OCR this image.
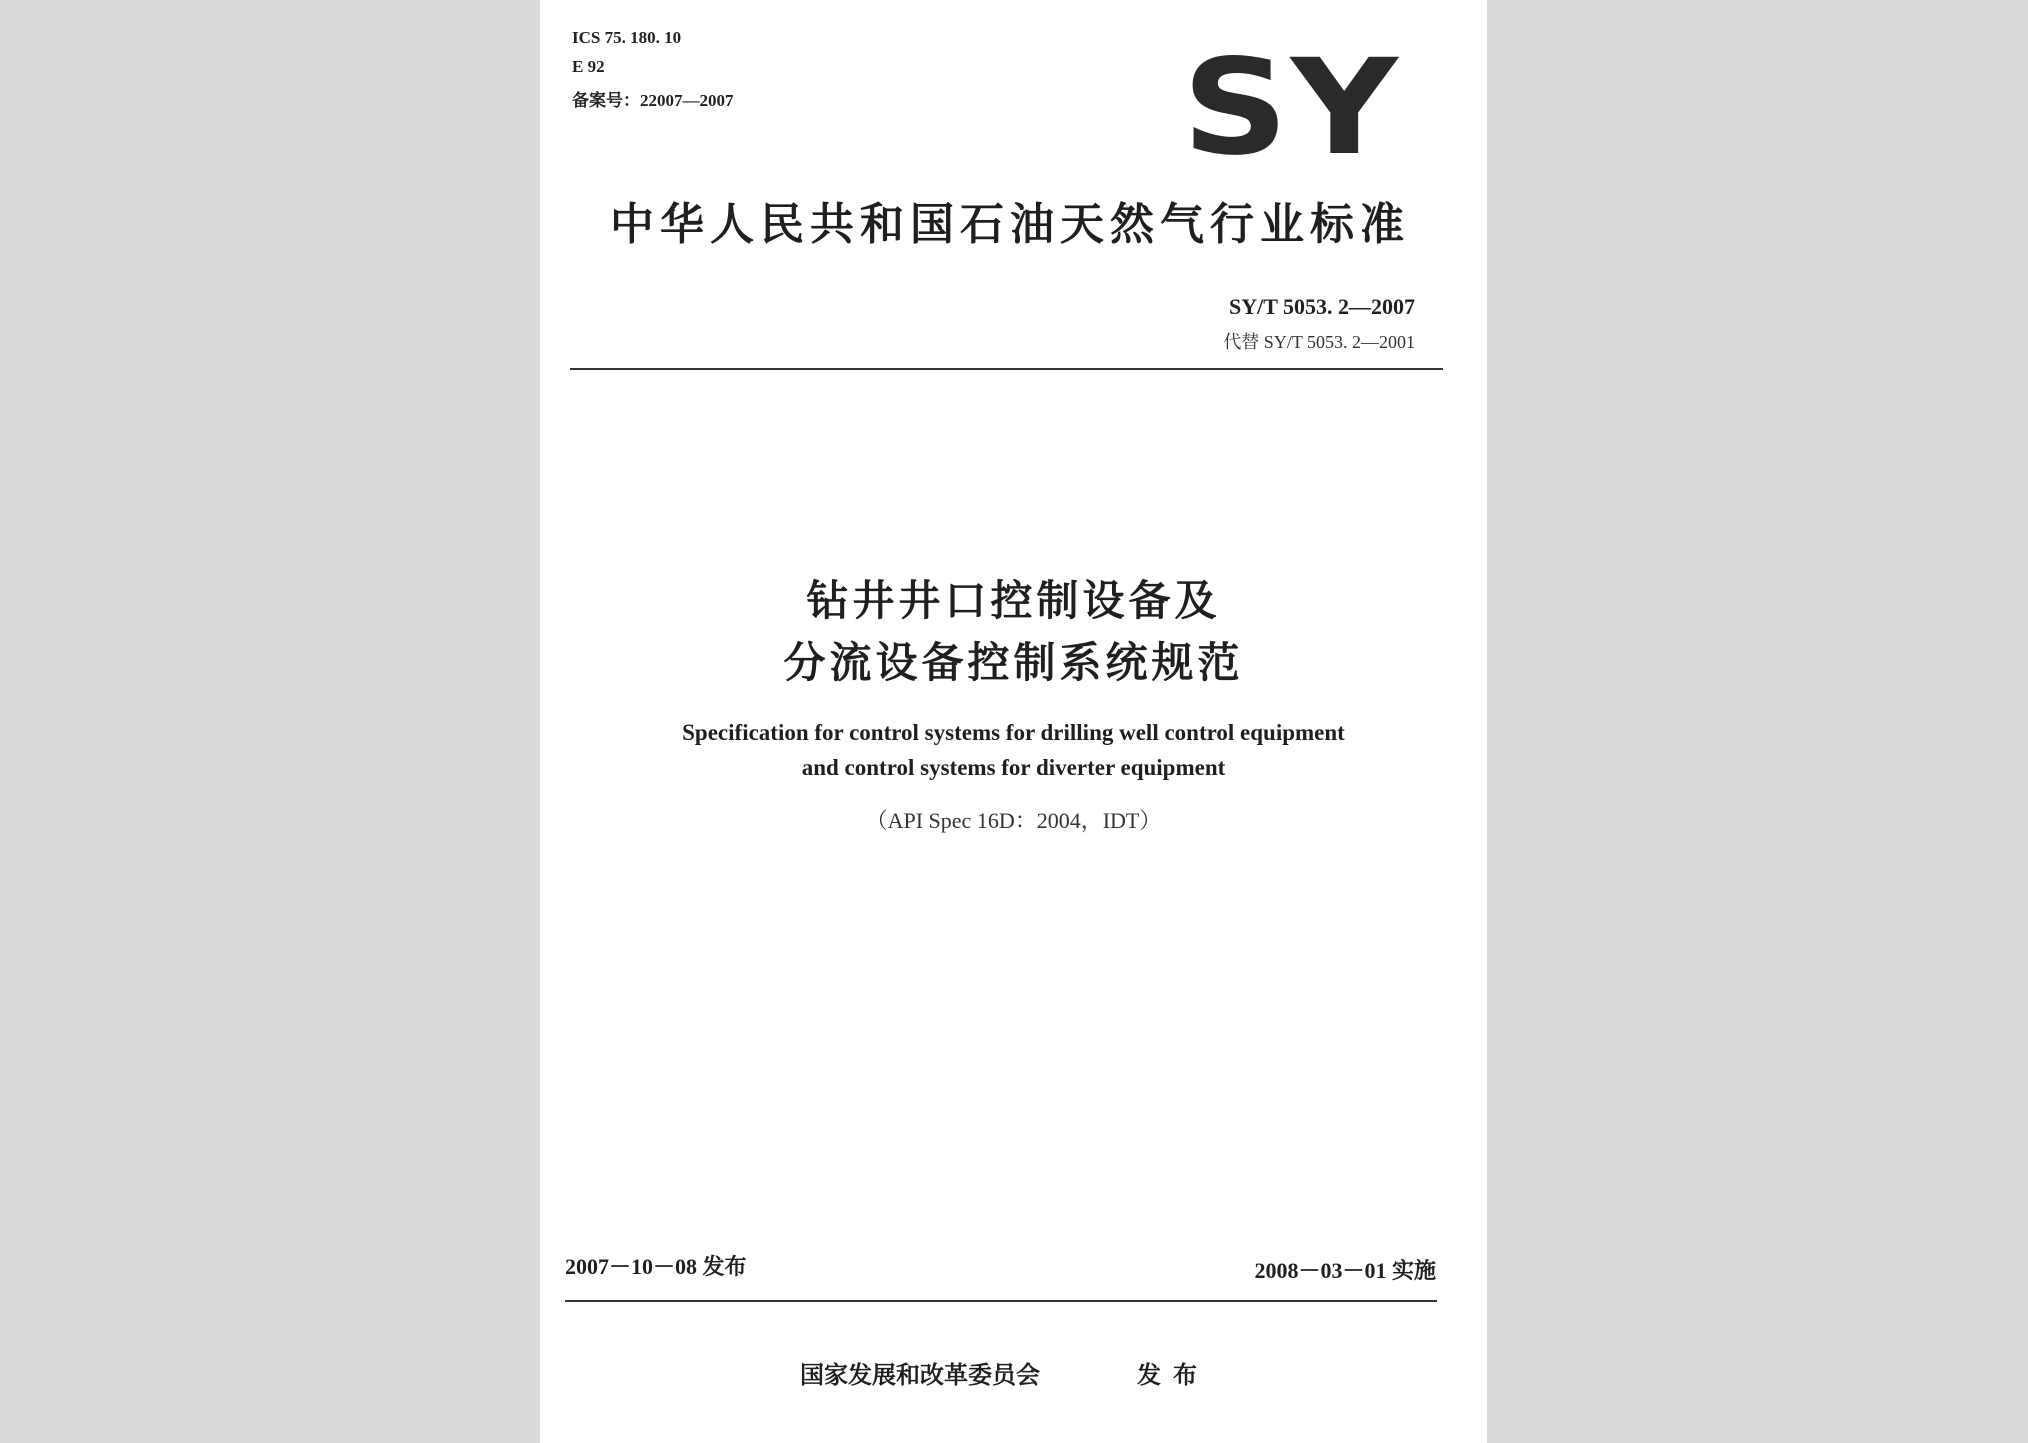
ICS 75. 180. 10
E 92
备案号：22007—2007	SY
中华人民共和国石油天然气行业标准
SY/T 5053. 2—2007
代替 SY/T 5053. 2—2001
钻井井口控制设备及
分流设备控制系统规范
Specification for control systems for drilling well control equipment
and control systems for diverter equipment
（API Spec 16D：2004，IDT）
2007－10－08 发布	2008－03－01 实施
国家发展和改革委员会	发布
